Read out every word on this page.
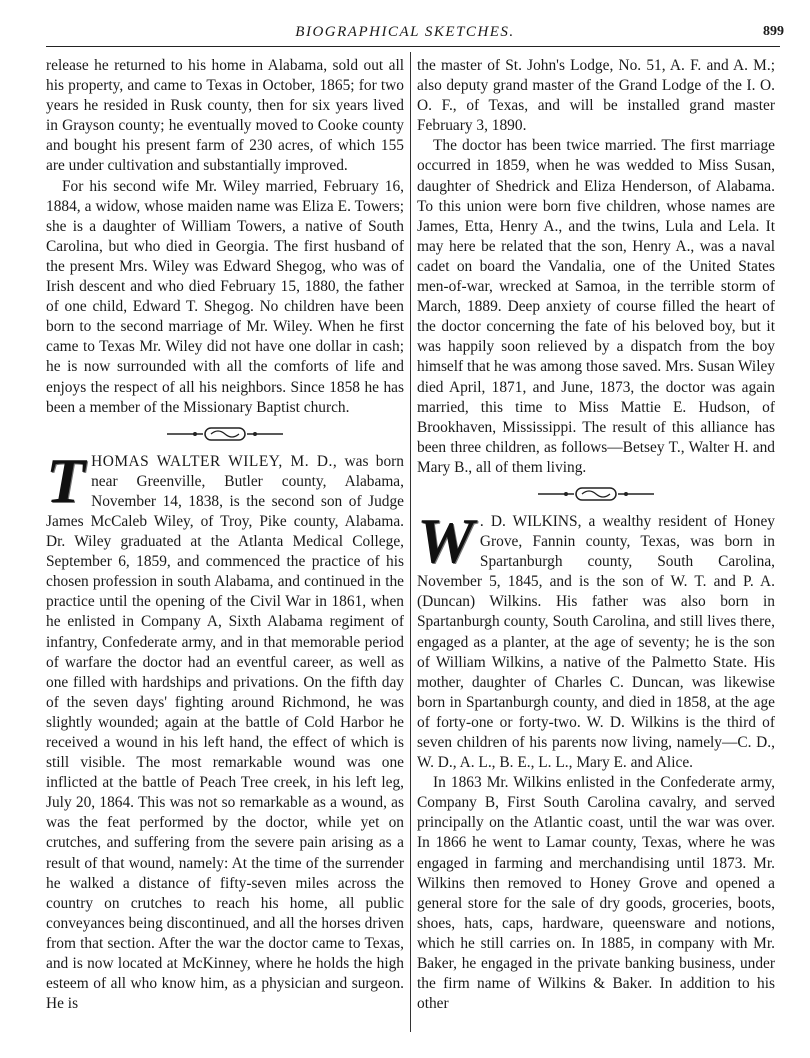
BIOGRAPHICAL SKETCHES.	899

release he returned to his home in Alabama, sold out all his property, and came to Texas in October, 1865; for two years he resided in Rusk county, then for six years lived in Grayson county; he eventually moved to Cooke county and bought his present farm of 230 acres, of which 155 are under cultivation and substantially improved.

For his second wife Mr. Wiley married, February 16, 1884, a widow, whose maiden name was Eliza E. Towers; she is a daughter of William Towers, a native of South Carolina, but who died in Georgia. The first husband of the present Mrs. Wiley was Edward Shegog, who was of Irish descent and who died February 15, 1880, the father of one child, Edward T. Shegog. No children have been born to the second marriage of Mr. Wiley. When he first came to Texas Mr. Wiley did not have one dollar in cash; he is now surrounded with all the comforts of life and enjoys the respect of all his neighbors. Since 1858 he has been a member of the Missionary Baptist church.

T HOMAS WALTER WILEY, M. D., was born near Greenville, Butler county, Alabama, November 14, 1838, is the second son of Judge James McCaleb Wiley, of Troy, Pike county, Alabama. Dr. Wiley graduated at the Atlanta Medical College, September 6, 1859, and commenced the practice of his chosen profession in south Alabama, and continued in the practice until the opening of the Civil War in 1861, when he enlisted in Company A, Sixth Alabama regiment of infantry, Confederate army, and in that memorable period of warfare the doctor had an eventful career, as well as one filled with hardships and privations. On the fifth day of the seven days' fighting around Richmond, he was slightly wounded; again at the battle of Cold Harbor he received a wound in his left hand, the effect of which is still visible. The most remarkable wound was one inflicted at the battle of Peach Tree creek, in his left leg, July 20, 1864. This was not so remarkable as a wound, as was the feat performed by the doctor, while yet on crutches, and suffering from the severe pain arising as a result of that wound, namely: At the time of the surrender he walked a distance of fifty-seven miles across the country on crutches to reach his home, all public conveyances being discontinued, and all the horses driven from that section. After the war the doctor came to Texas, and is now located at McKinney, where he holds the high esteem of all who know him, as a physician and surgeon. He is

the master of St. John's Lodge, No. 51, A. F. and A. M.; also deputy grand master of the Grand Lodge of the I. O. O. F., of Texas, and will be installed grand master February 3, 1890.

The doctor has been twice married. The first marriage occurred in 1859, when he was wedded to Miss Susan, daughter of Shedrick and Eliza Henderson, of Alabama. To this union were born five children, whose names are James, Etta, Henry A., and the twins, Lula and Lela. It may here be related that the son, Henry A., was a naval cadet on board the Vandalia, one of the United States men-of-war, wrecked at Samoa, in the terrible storm of March, 1889. Deep anxiety of course filled the heart of the doctor concerning the fate of his beloved boy, but it was happily soon relieved by a dispatch from the boy himself that he was among those saved. Mrs. Susan Wiley died April, 1871, and June, 1873, the doctor was again married, this time to Miss Mattie E. Hudson, of Brookhaven, Mississippi. The result of this alliance has been three children, as follows—Betsey T., Walter H. and Mary B., all of them living.

W . D. WILKINS, a wealthy resident of Honey Grove, Fannin county, Texas, was born in Spartanburgh county, South Carolina, November 5, 1845, and is the son of W. T. and P. A. (Duncan) Wilkins. His father was also born in Spartanburgh county, South Carolina, and still lives there, engaged as a planter, at the age of seventy; he is the son of William Wilkins, a native of the Palmetto State. His mother, daughter of Charles C. Duncan, was likewise born in Spartanburgh county, and died in 1858, at the age of forty-one or forty-two. W. D. Wilkins is the third of seven children of his parents now living, namely—C. D., W. D., A. L., B. E., L. L., Mary E. and Alice.

In 1863 Mr. Wilkins enlisted in the Confederate army, Company B, First South Carolina cavalry, and served principally on the Atlantic coast, until the war was over. In 1866 he went to Lamar county, Texas, where he was engaged in farming and merchandising until 1873. Mr. Wilkins then removed to Honey Grove and opened a general store for the sale of dry goods, groceries, boots, shoes, hats, caps, hardware, queensware and notions, which he still carries on. In 1885, in company with Mr. Baker, he engaged in the private banking business, under the firm name of Wilkins & Baker. In addition to his other
